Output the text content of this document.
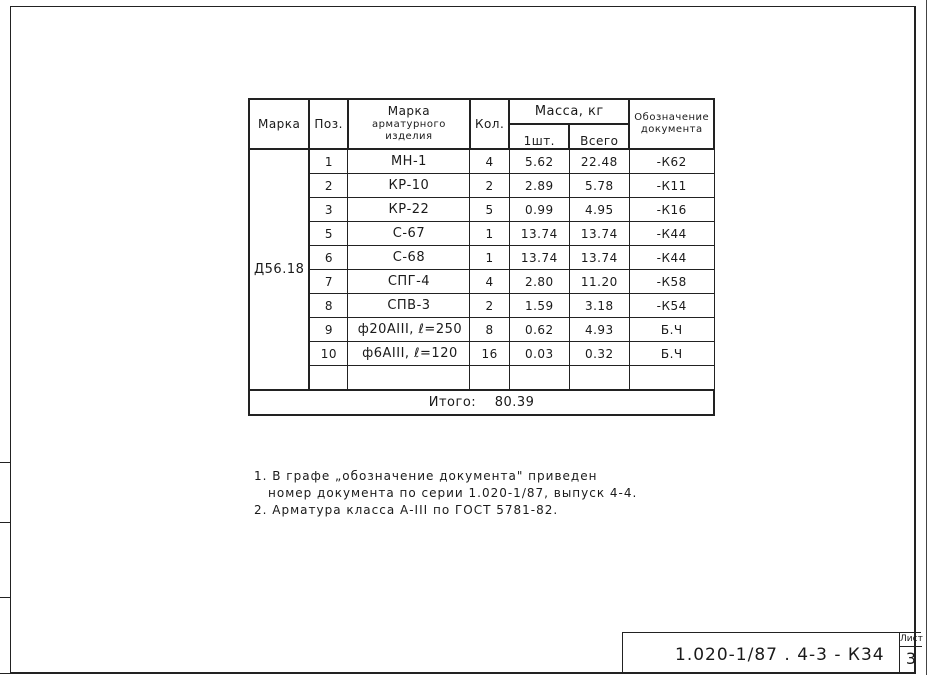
Марка	Поз.	Марка
арматурного
изделия	Кол.	Масса, кг		Обозначение
документа
				1шт.	Всего	
Д56.18	1	МН-1	4	5.62	22.48	-К62
	2	КР-10	2	2.89	5.78	-К11
	3	КР-22	5	0.99	4.95	-К16
	5	С-67	1	13.74	13.74	-К44
	6	С-68	1	13.74	13.74	-К44
	7	СПГ-4	4	2.80	11.20	-К58
	8	СПВ-3	2	1.59	3.18	-К54
	9	ф20АIII, ℓ=250	8	0.62	4.93	Б.Ч
	10	ф6АIII, ℓ=120	16	0.03	0.32	Б.Ч

Итого: 80.39						
1. В графе „обозначение документа" приведен
номер документа по серии 1.020-1/87, выпуск 4-4.
2. Арматура класса А-III по ГОСТ 5781-82.
1.020-1/87 . 4-3 - К34
Лист
3
